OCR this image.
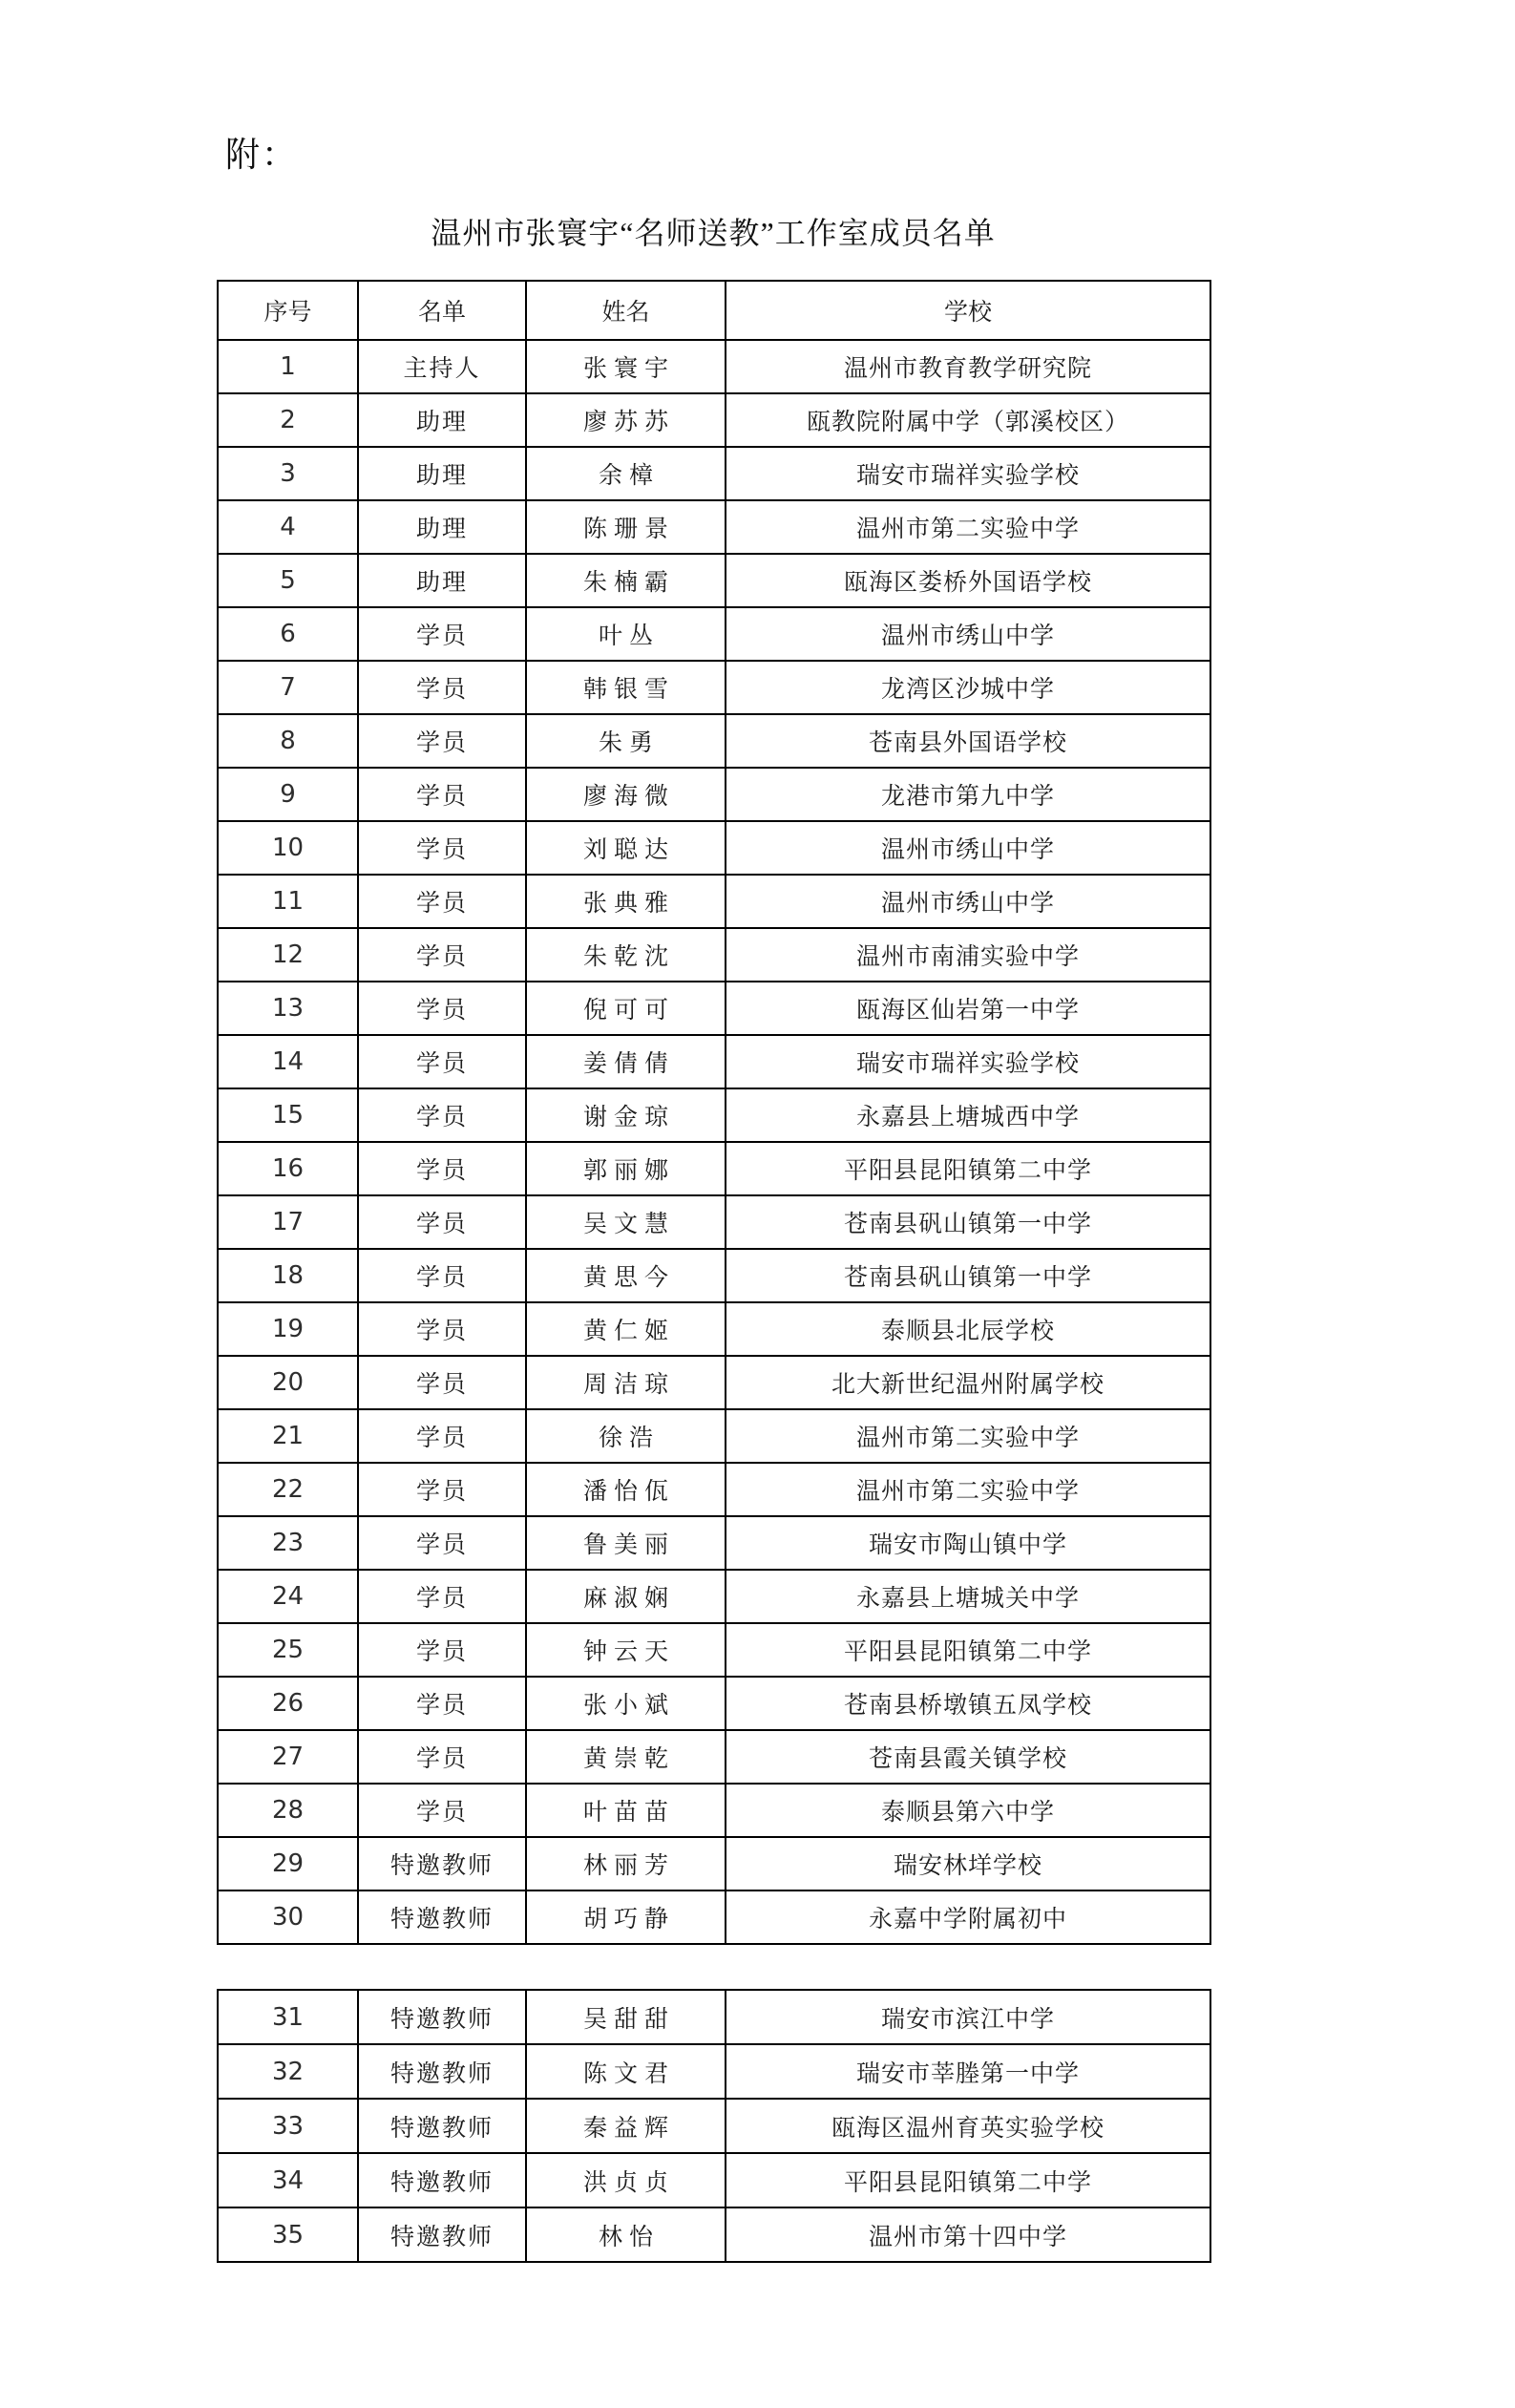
附：
温州市张寰宇“名师送教”工作室成员名单
序号	名单	姓名	学校
1	主持人	张寰宇	温州市教育教学研究院
2	助理	廖苏苏	瓯教院附属中学（郭溪校区）
3	助理	余樟	瑞安市瑞祥实验学校
4	助理	陈珊景	温州市第二实验中学
5	助理	朱楠霸	瓯海区娄桥外国语学校
6	学员	叶丛	温州市绣山中学
7	学员	韩银雪	龙湾区沙城中学
8	学员	朱勇	苍南县外国语学校
9	学员	廖海微	龙港市第九中学
10	学员	刘聪达	温州市绣山中学
11	学员	张典雅	温州市绣山中学
12	学员	朱乾沈	温州市南浦实验中学
13	学员	倪可可	瓯海区仙岩第一中学
14	学员	姜倩倩	瑞安市瑞祥实验学校
15	学员	谢金琼	永嘉县上塘城西中学
16	学员	郭丽娜	平阳县昆阳镇第二中学
17	学员	吴文慧	苍南县矾山镇第一中学
18	学员	黄思今	苍南县矾山镇第一中学
19	学员	黄仁姬	泰顺县北辰学校
20	学员	周洁琼	北大新世纪温州附属学校
21	学员	徐浩	温州市第二实验中学
22	学员	潘怡佤	温州市第二实验中学
23	学员	鲁美丽	瑞安市陶山镇中学
24	学员	麻淑娴	永嘉县上塘城关中学
25	学员	钟云天	平阳县昆阳镇第二中学
26	学员	张小斌	苍南县桥墩镇五凤学校
27	学员	黄崇乾	苍南县霞关镇学校
28	学员	叶苗苗	泰顺县第六中学
29	特邀教师	林丽芳	瑞安林垟学校
30	特邀教师	胡巧静	永嘉中学附属初中
31	特邀教师	吴甜甜	瑞安市滨江中学
32	特邀教师	陈文君	瑞安市莘塍第一中学
33	特邀教师	秦益辉	瓯海区温州育英实验学校
34	特邀教师	洪贞贞	平阳县昆阳镇第二中学
35	特邀教师	林怡	温州市第十四中学
